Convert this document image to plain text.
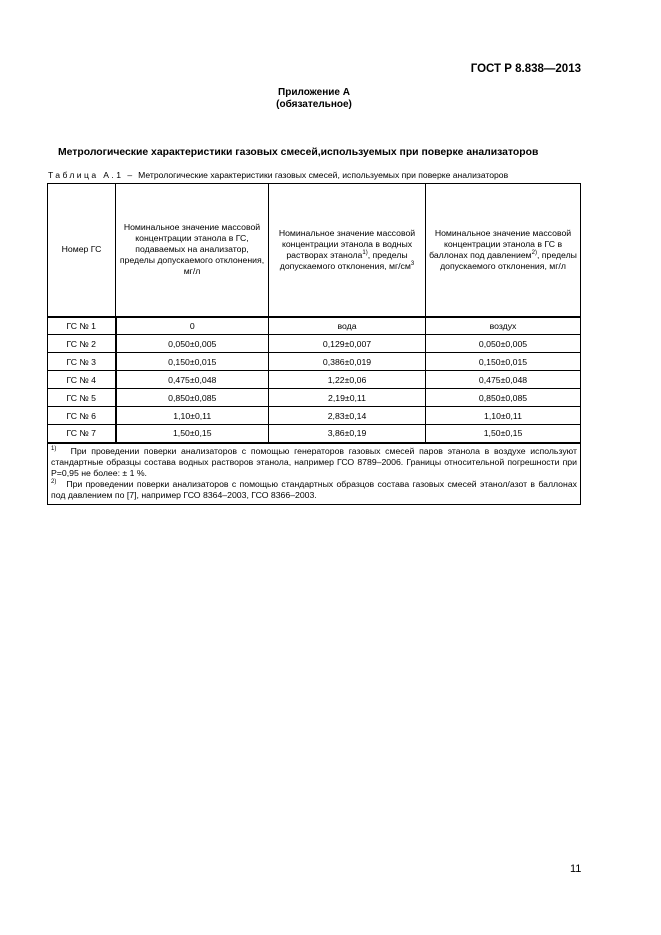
ГОСТ Р 8.838—2013
Приложение А
(обязательное)
Метрологические характеристики газовых смесей,используемых при поверке анализаторов
Таблица А.1 – Метрологические характеристики газовых смесей, используемых при поверке анализаторов
Номер ГС	Номинальное значение массовой концентрации этанола в ГС, подаваемых на анализатор, пределы допускаемого отклонения, мг/л	Номинальное значение массовой концентрации этанола в водных растворах этанола$^{1)}$, пределы допускаемого отклонения, $мг/см^3$	Номинальное значение массовой концентрации этанола в ГС в баллонах под давлением$^{2)}$, пределы допускаемого отклонения, мг/л
ГС № 1	0	вода	воздух
ГС № 2	0,050±0,005	0,129±0,007	0,050±0,005
ГС № 3	0,150±0,015	0,386±0,019	0,150±0,015
ГС № 4	0,475±0,048	1,22±0,06	0,475±0,048
ГС № 5	0,850±0,085	2,19±0,11	0,850±0,085
ГС № 6	1,10±0,11	2,83±0,14	1,10±0,11
ГС № 7	1,50±0,15	3,86±0,19	1,50±0,15

$^{1)}$ При проведении поверки анализаторов с помощью генераторов газовых смесей паров этанола в воздухе используют стандартные образцы состава водных растворов этанола, например ГСО 8789–2006. Границы относительной погрешности при Р=0,95 не более: ± 1 %.
$^{2)}$ При проведении поверки анализаторов с помощью стандартных образцов состава газовых смесей этанол/азот в баллонах под давлением по [7], например ГСО 8364–2003, ГСО 8366–2003.			
11
